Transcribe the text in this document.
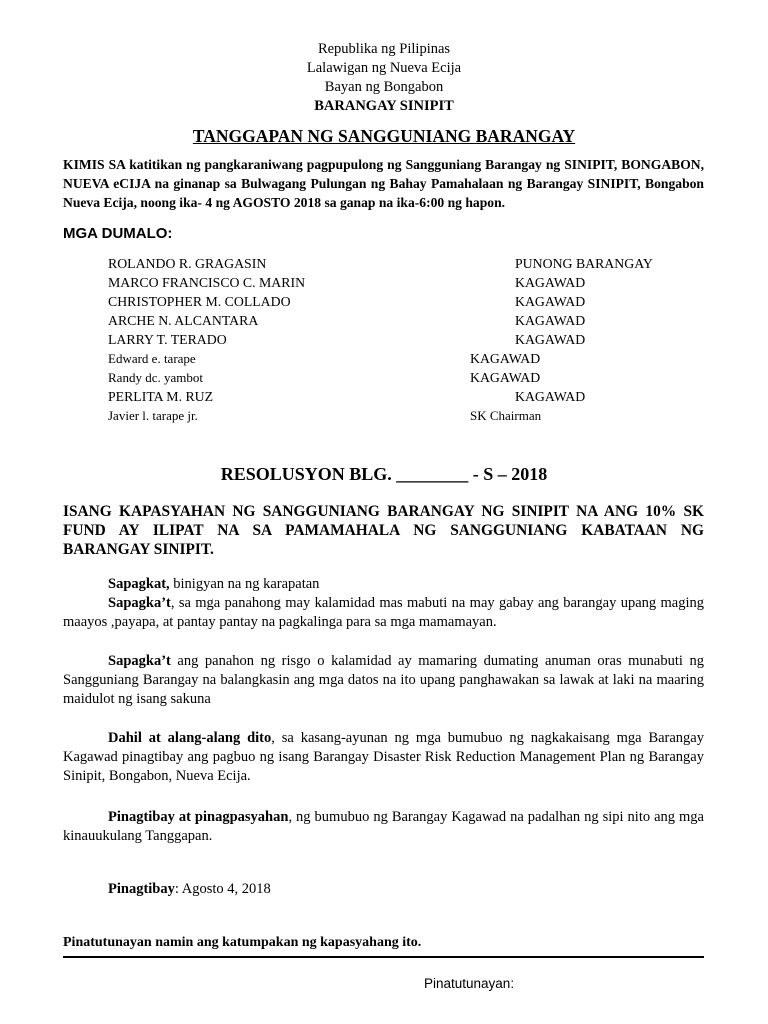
Republika ng Pilipinas
Lalawigan ng Nueva Ecija
Bayan ng Bongabon
BARANGAY SINIPIT
TANGGAPAN NG SANGGUNIANG BARANGAY
KIMIS SA katitikan ng pangkaraniwang pagpupulong ng Sangguniang Barangay ng SINIPIT, BONGABON, NUEVA eCIJA na ginanap sa Bulwagang Pulungan ng Bahay Pamahalaan ng Barangay SINIPIT, Bongabon Nueva Ecija, noong ika- 4 ng AGOSTO 2018 sa ganap na ika-6:00 ng hapon.
MGA DUMALO:
ROLANDO R. GRAGASIN	PUNONG BARANGAY
MARCO FRANCISCO C. MARIN	KAGAWAD
CHRISTOPHER M. COLLADO	KAGAWAD
ARCHE N. ALCANTARA	KAGAWAD
LARRY T. TERADO	KAGAWAD
Edward e. tarape	KAGAWAD
Randy dc. yambot	KAGAWAD
PERLITA M. RUZ	KAGAWAD
Javier l. tarape jr.	SK Chairman
RESOLUSYON BLG. ________ - S – 2018
ISANG KAPASYAHAN NG SANGGUNIANG BARANGAY NG SINIPIT NA ANG 10% SK FUND AY ILIPAT NA SA PAMAMAHALA NG SANGGUNIANG KABATAAN NG BARANGAY SINIPIT.
Sapagkat, binigyan na ng karapatan
Sapagka’t, sa mga panahong may kalamidad mas mabuti na may gabay ang barangay upang maging maayos ,payapa, at pantay pantay na pagkalinga para sa mga mamamayan.
Sapagka’t ang panahon ng risgo o kalamidad ay mamaring dumating anuman oras munabuti ng Sangguniang Barangay na balangkasin ang mga datos na ito upang panghawakan sa lawak at laki na maaring maidulot ng isang sakuna
Dahil at alang-alang dito, sa kasang-ayunan ng mga bumubuo ng nagkakaisang mga Barangay Kagawad pinagtibay ang pagbuo ng isang Barangay Disaster Risk Reduction Management Plan ng Barangay Sinipit, Bongabon, Nueva Ecija.
Pinagtibay at pinagpasyahan, ng bumubuo ng Barangay Kagawad na padalhan ng sipi nito ang mga kinauukulang Tanggapan.
Pinagtibay: Agosto 4, 2018
Pinatutunayan namin ang katumpakan ng kapasyahang ito.
Pinatutunayan:
